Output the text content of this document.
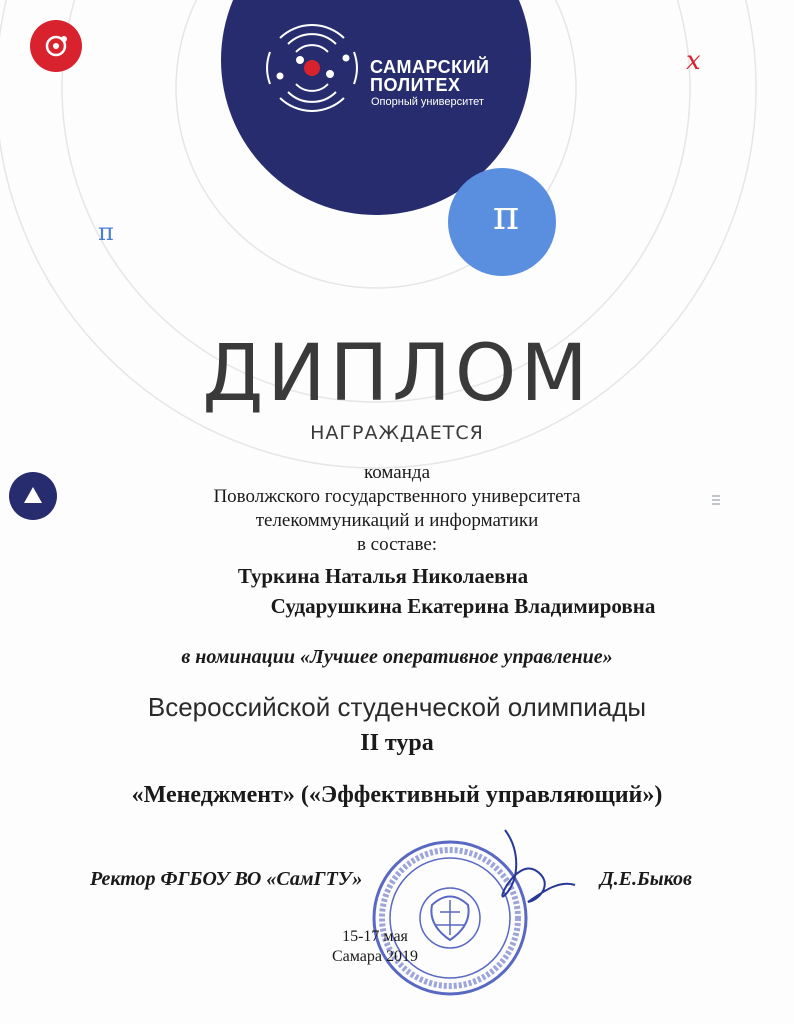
САМАРСКИЙ
ПОЛИТЕХ
Опорный университет
π
π
x
ДИПЛОМ
НАГРАЖДАЕТСЯ
команда
Поволжского государственного университета
телекоммуникаций и информатики
в составе:
Туркина Наталья Николаевна
Сударушкина Екатерина Владимировна
в номинации «Лучшее оперативное управление»
Всероссийской студенческой олимпиады
II тура
«Менеджмент» («Эффективный управляющий»)
Ректор ФГБОУ ВО «СамГТУ»	Д.Е.Быков
15-17 мая
Самара 2019
